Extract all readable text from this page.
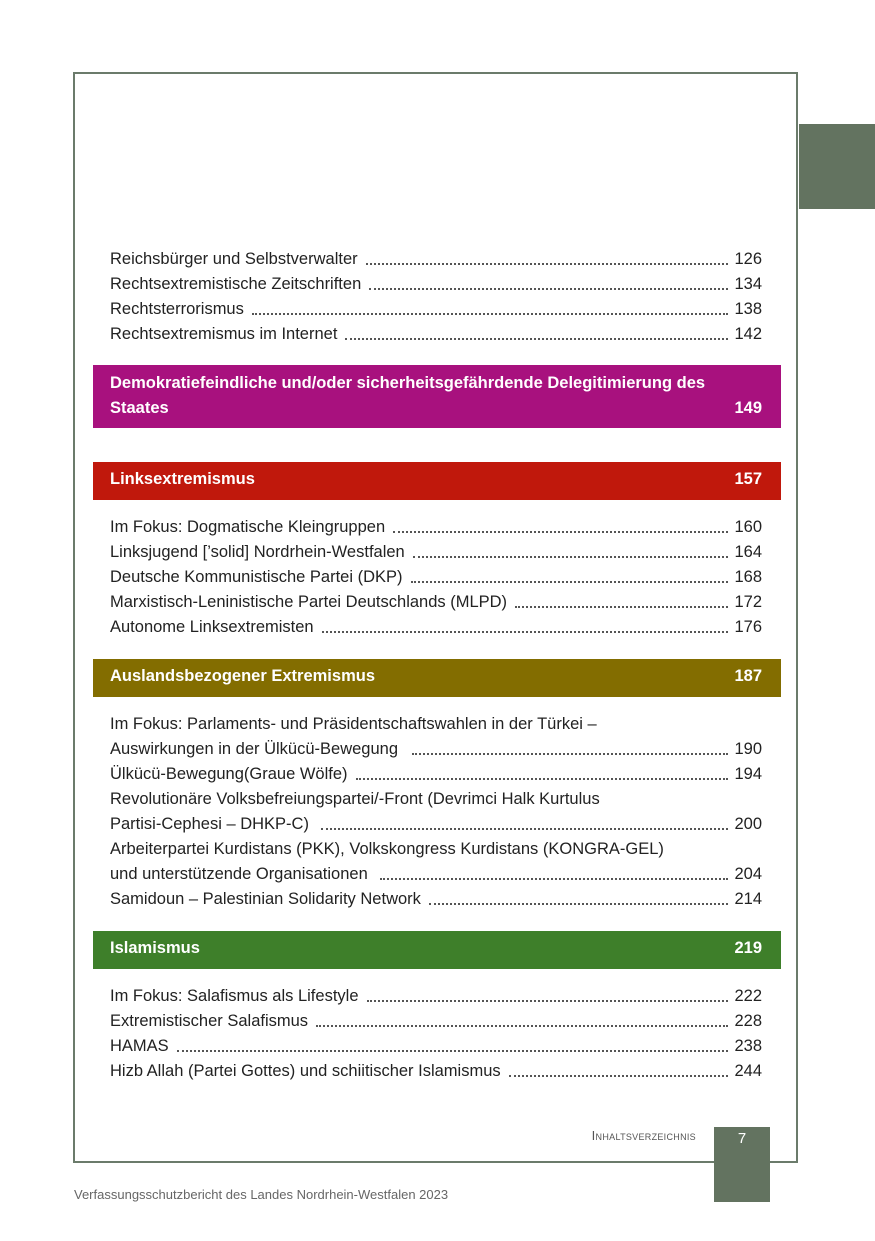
Reichsbürger und Selbstverwalter	126
Rechtsextremistische Zeitschriften	134
Rechtsterrorismus	138
Rechtsextremismus im Internet	142
Demokratiefeindliche und/oder sicherheitsgefährdende Delegitimierung des
Staates	149
Linksextremismus	157
Im Fokus: Dogmatische Kleingruppen	160
Linksjugend [’solid] Nordrhein-Westfalen	164
Deutsche Kommunistische Partei (DKP)	168
Marxistisch-Leninistische Partei Deutschlands (MLPD)	172
Autonome Linksextremisten	176
Auslandsbezogener Extremismus	187
Im Fokus: Parlaments- und Präsidentschaftswahlen in der Türkei –
Auswirkungen in der Ülkücü-Bewegung	190
Ülkücü-Bewegung(Graue Wölfe)	194
Revolutionäre Volksbefreiungspartei/-Front (Devrimci Halk Kurtulus
Partisi-Cephesi – DHKP-C)	200
Arbeiterpartei Kurdistans (PKK), Volkskongress Kurdistans (KONGRA-GEL)
und unterstützende Organisationen	204
Samidoun – Palestinian Solidarity Network	214
Islamismus	219
Im Fokus: Salafismus als Lifestyle	222
Extremistischer Salafismus	228
HAMAS	238
Hizb Allah (Partei Gottes) und schiitischer Islamismus	244
Inhaltsverzeichnis	7
Verfassungsschutzbericht des Landes Nordrhein-Westfalen 2023
